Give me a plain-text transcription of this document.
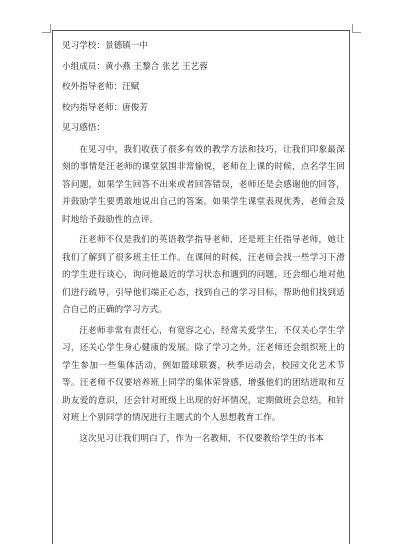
见习学校：景德镇一中
小组成员：黄小燕 王黎合 张艺 王艺蓉
校外指导老师：汪赋
校内指导老师：唐俊芳
见习感悟：

在见习中，我们收获了很多有效的教学方法和技巧，让我们印象最深刻的事情是汪老师的课堂氛围非常愉悦，老师在上课的时候，点名学生回答问题，如果学生回答不出来或者回答错误，老师还是会感谢他的回答，并鼓励学生要勇敢地说出自己的答案。如果学生课堂表现优秀，老师会及时地给予鼓励性的点评。

汪老师不仅是我们的英语教学指导老师，还是班主任指导老师，她让我们了解到了很多班主任工作。在课间的时候，汪老师会找一些学习下滑的学生进行谈心，询问他最近的学习状态和遇到的问题，还会细心地对他们进行疏导，引导他们端正心态，找到自己的学习目标，帮助他们找到适合自己的正确的学习方式。

汪老师非常有责任心，有宽容之心，经常关爱学生，不仅关心学生学习，还关心学生身心健康的发展。除了学习之外，汪老师还会组织班上的学生参加一些集体活动，例如篮球联赛，秋季运动会，校园文化艺术节等。汪老师不仅要培养班上同学的集体荣誉感，增强他们的团结进取和互助友爱的意识，还会针对班级上出现的好坏情况，定期做班会总结，和针对班上个别同学的情况进行主题式的个人思想教育工作。

这次见习让我们明白了，作为一名教师，不仅要教给学生的书本
